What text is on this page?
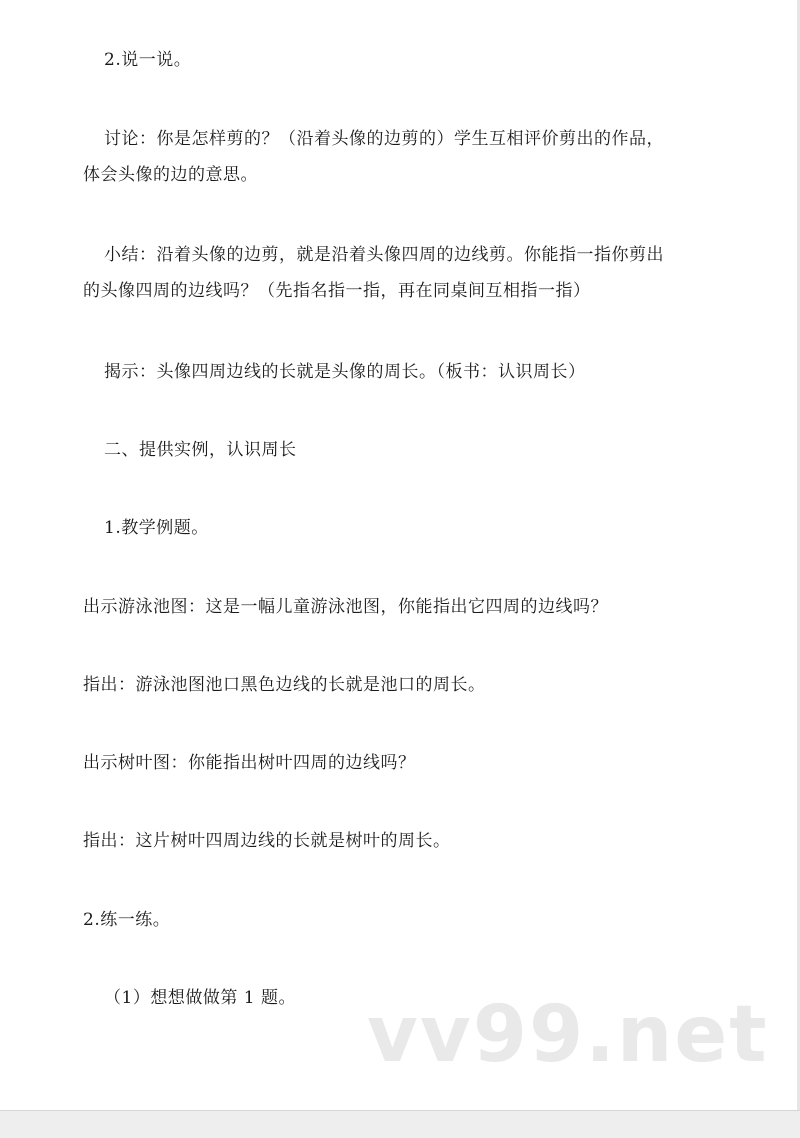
2.说一说。
讨论：你是怎样剪的？（沿着头像的边剪的）学生互相评价剪出的作品，
体会头像的边的意思。
小结：沿着头像的边剪，就是沿着头像四周的边线剪。你能指一指你剪出
的头像四周的边线吗？（先指名指一指，再在同桌间互相指一指）
揭示：头像四周边线的长就是头像的周长。（板书：认识周长）
二、提供实例，认识周长
1.教学例题。
出示游泳池图：这是一幅儿童游泳池图，你能指出它四周的边线吗？
指出：游泳池图池口黑色边线的长就是池口的周长。
出示树叶图：你能指出树叶四周的边线吗？
指出：这片树叶四周边线的长就是树叶的周长。
2.练一练。
（1）想想做做第 1 题。 vv99.net
